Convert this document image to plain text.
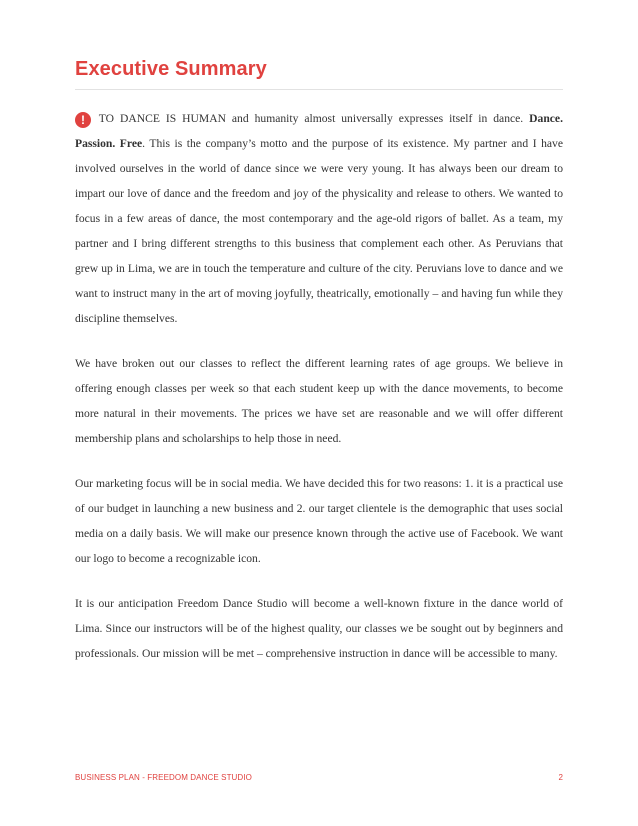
Executive Summary

! TO DANCE IS HUMAN and humanity almost universally expresses itself in dance. Dance. Passion. Free. This is the company’s motto and the purpose of its existence. My partner and I have involved ourselves in the world of dance since we were very young. It has always been our dream to impart our love of dance and the freedom and joy of the physicality and release to others. We wanted to focus in a few areas of dance, the most contemporary and the age-old rigors of ballet. As a team, my partner and I bring different strengths to this business that complement each other. As Peruvians that grew up in Lima, we are in touch the temperature and culture of the city. Peruvians love to dance and we want to instruct many in the art of moving joyfully, theatrically, emotionally – and having fun while they discipline themselves.

We have broken out our classes to reflect the different learning rates of age groups. We believe in offering enough classes per week so that each student keep up with the dance movements, to become more natural in their movements. The prices we have set are reasonable and we will offer different membership plans and scholarships to help those in need.

Our marketing focus will be in social media. We have decided this for two reasons: 1. it is a practical use of our budget in launching a new business and 2. our target clientele is the demographic that uses social media on a daily basis. We will make our presence known through the active use of Facebook. We want our logo to become a recognizable icon.

It is our anticipation Freedom Dance Studio will become a well-known fixture in the dance world of Lima. Since our instructors will be of the highest quality, our classes we be sought out by beginners and professionals. Our mission will be met – comprehensive instruction in dance will be accessible to many.

BUSINESS PLAN - FREEDOM DANCE STUDIO	2
